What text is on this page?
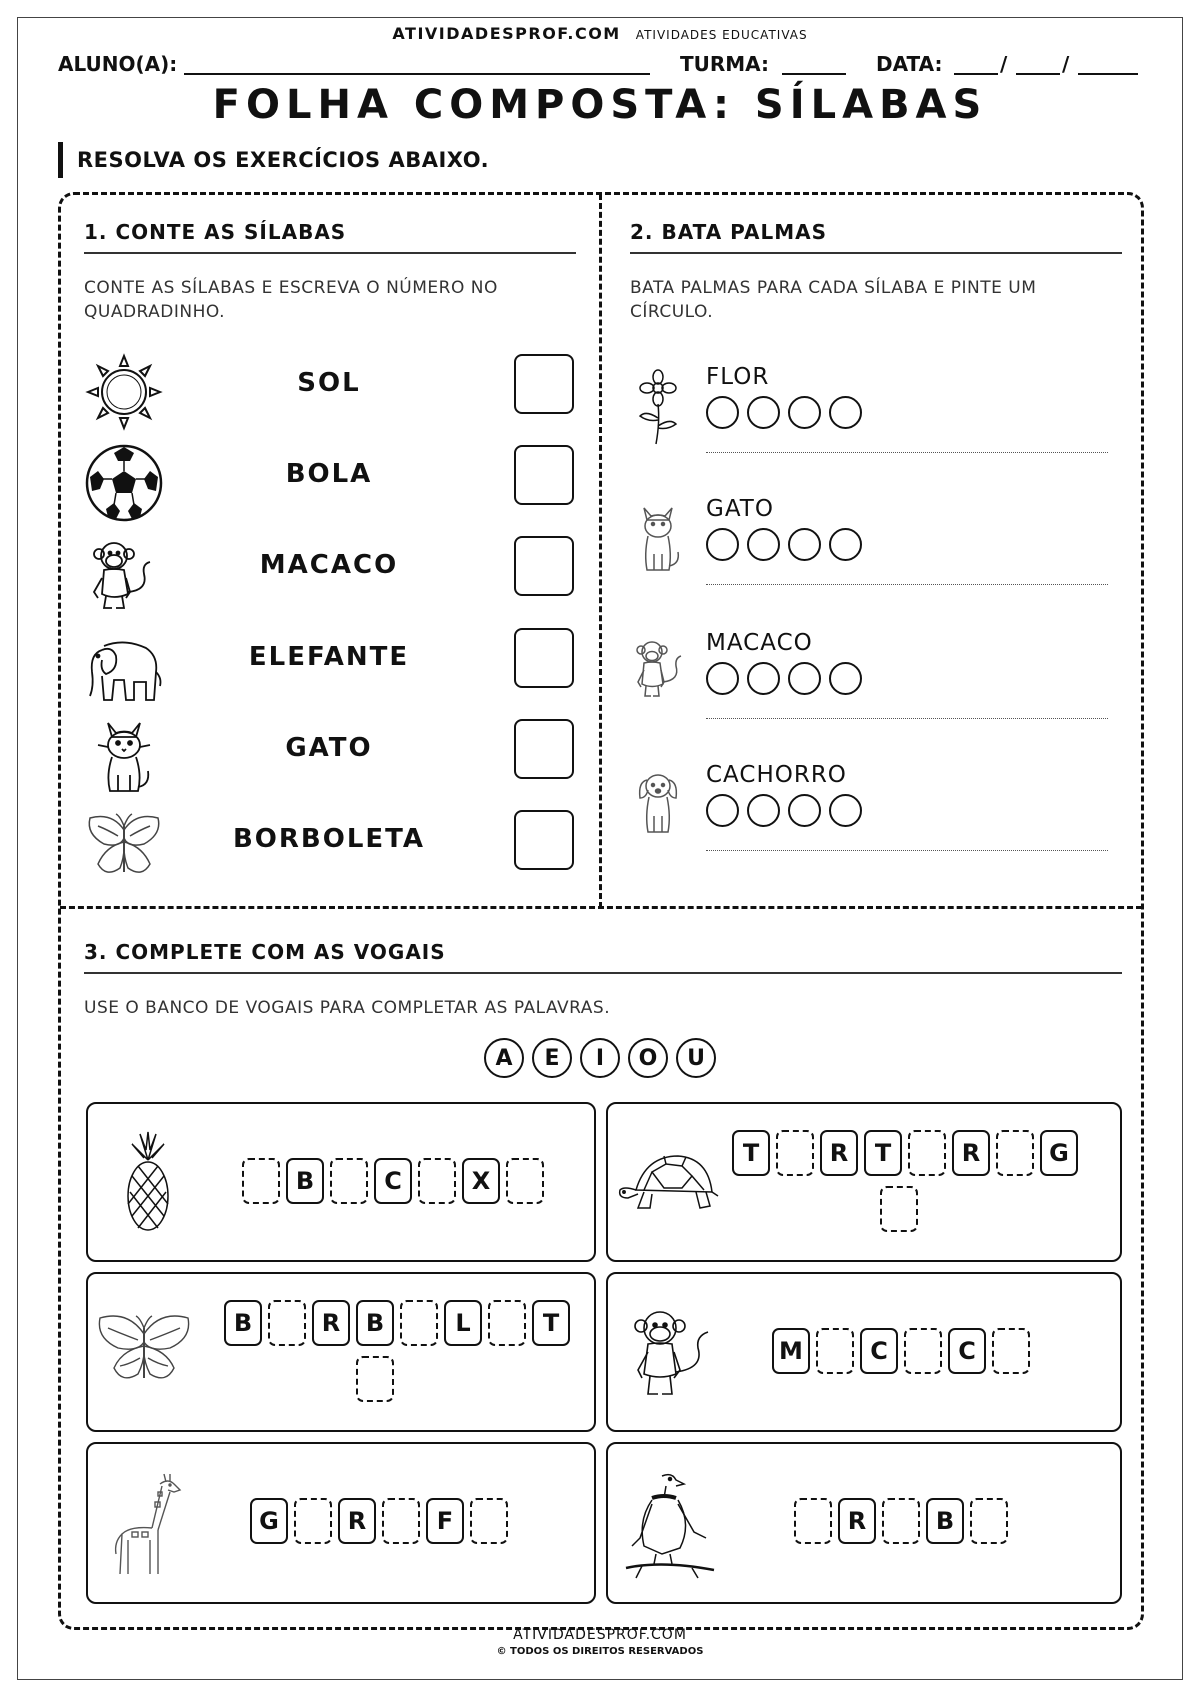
ATIVIDADESPROF.COM ATIVIDADES EDUCATIVAS
ALUNO(A):	TURMA:	DATA:	/	/
FOLHA COMPOSTA: SÍLABAS
RESOLVA OS EXERCÍCIOS ABAIXO.
1. CONTE AS SÍLABAS
CONTE AS SÍLABAS E ESCREVA O NÚMERO NO QUADRADINHO.
SOL
BOLA
MACACO
ELEFANTE
GATO
BORBOLETA
2. BATA PALMAS
BATA PALMAS PARA CADA SÍLABA E PINTE UM CÍRCULO.
FLOR
GATO
MACACO
CACHORRO
3. COMPLETE COM AS VOGAIS
USE O BANCO DE VOGAIS PARA COMPLETAR AS PALAVRAS.
A	E	I	O	U
B	C	X
T	R	T	R	G
B	R	B	L	T
M	C	C
G	R	F	R	B
ATIVIDADESPROF.COM
© TODOS OS DIREITOS RESERVADOS
